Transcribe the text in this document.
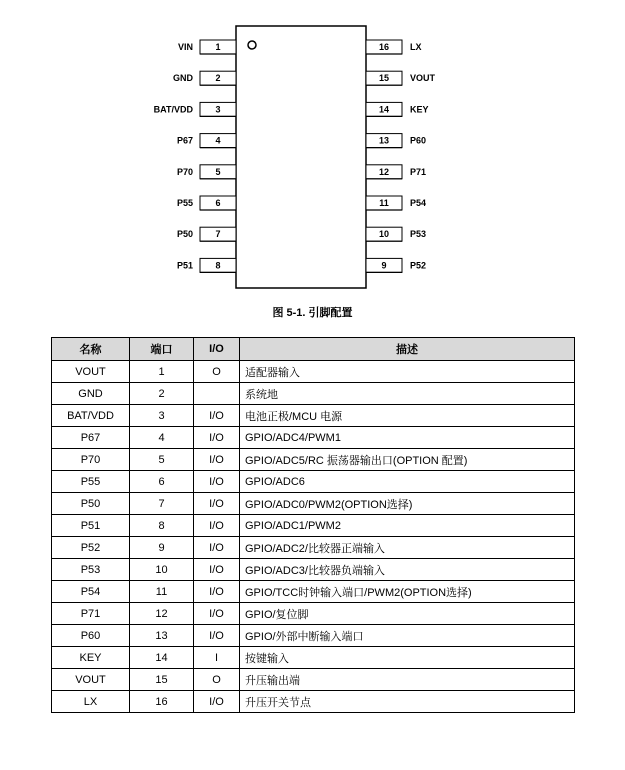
1
VIN
2
GND
3
BAT/VDD
4
P67
5
P70
6
P55
7
P50
8
P51
16 LX
15 VOUT
14 KEY
13 P60
12 P71
11 P54
10 P53
9	P52
图 5-1. 引脚配置
名称	端口	I/O	描述
VOUT	1	O	适配器输入
GND	2		系统地
BAT/VDD	3	I/O	电池正极/MCU 电源
P67	4	I/O	GPIO/ADC4/PWM1
P70	5	I/O	GPIO/ADC5/RC 振荡器输出口(OPTION 配置)
P55	6	I/O	GPIO/ADC6
P50	7	I/O	GPIO/ADC0/PWM2(OPTION选择)
P51	8	I/O	GPIO/ADC1/PWM2
P52	9	I/O	GPIO/ADC2/比较器正端输入
P53	10	I/O	GPIO/ADC3/比较器负端输入
P54	11	I/O	GPIO/TCC时钟输入端口/PWM2(OPTION选择)
P71	12	I/O	GPIO/复位脚
P60	13	I/O	GPIO/外部中断输入端口
KEY	14	I	按键输入
VOUT	15	O	升压输出端
LX	16	I/O	升压开关节点
